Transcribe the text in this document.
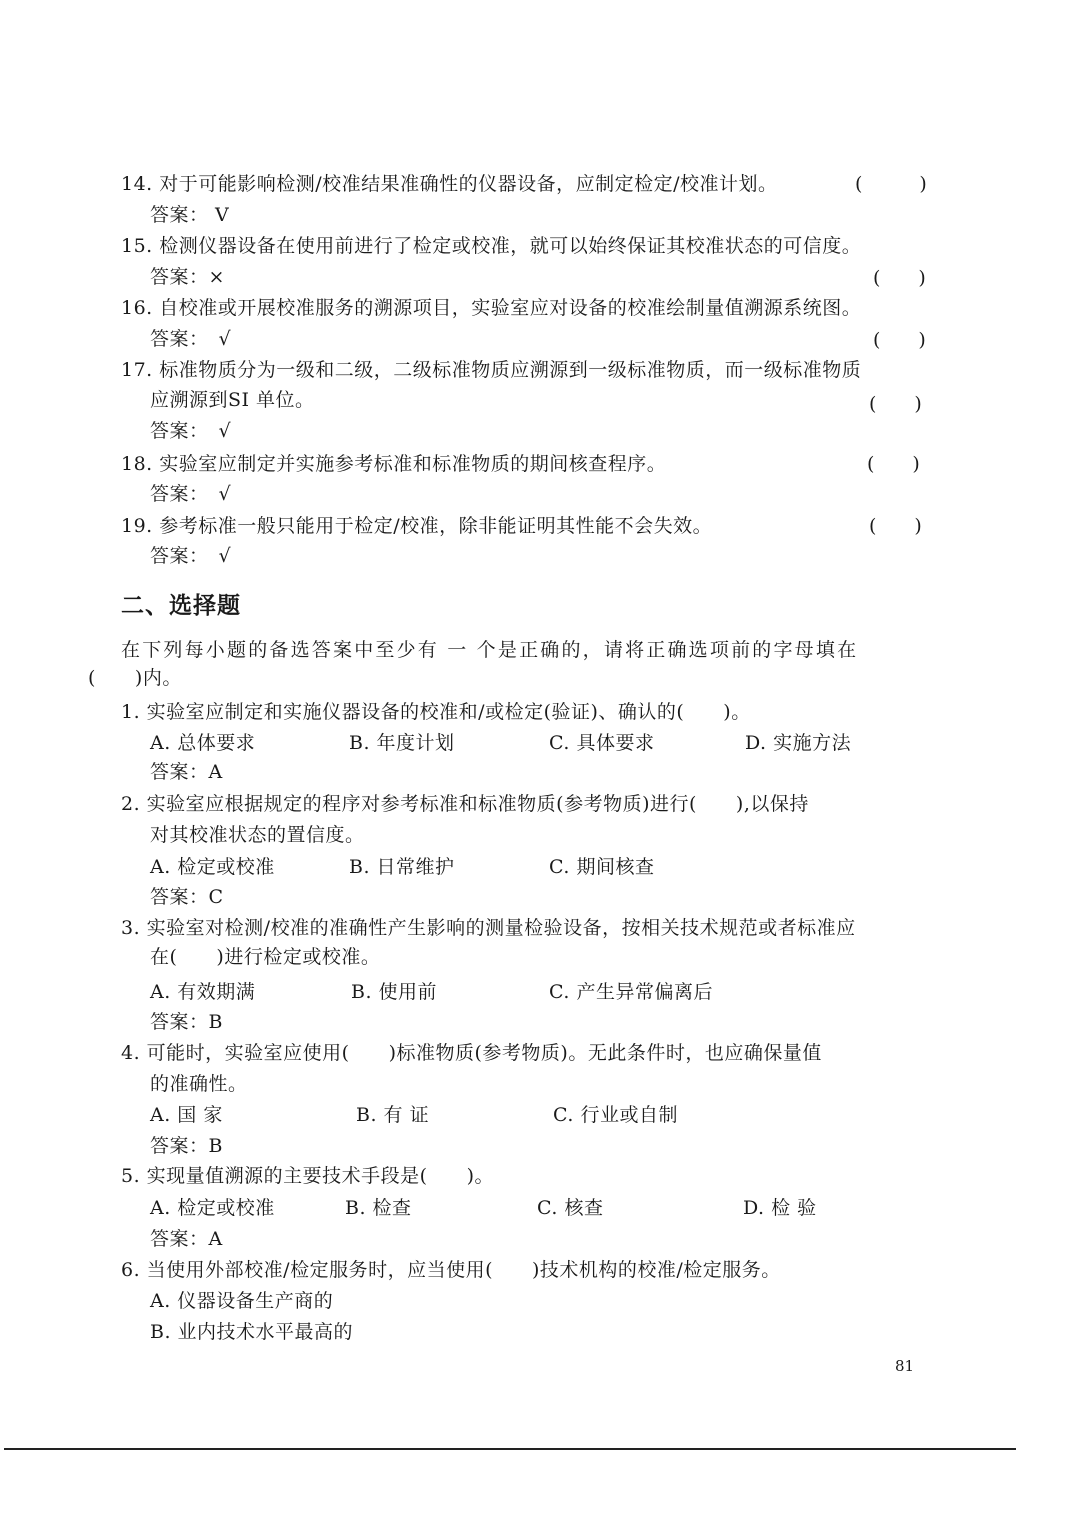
14. 对于可能影响检测/校准结果准确性的仪器设备，应制定检定/校准计划。	(　　　)
答案： V
15. 检测仪器设备在使用前进行了检定或校准，就可以始终保证其校准状态的可信度。
(　　)
答案：×
16. 自校准或开展校准服务的溯源项目，实验室应对设备的校准绘制量值溯源系统图。
(　　)
答案：　√
17. 标准物质分为一级和二级，二级标准物质应溯源到一级标准物质，而一级标准物质
应溯源到SI 单位。	(　　)
答案：　√
18. 实验室应制定并实施参考标准和标准物质的期间核查程序。	(　　)
答案：　√
19. 参考标准一般只能用于检定/校准，除非能证明其性能不会失效。	(　　)
答案：　√
二、选择题
在下列每小题的备选答案中至少有 一 个是正确的，请将正确选项前的字母填在
(　　)内。
1. 实验室应制定和实施仪器设备的校准和/或检定(验证)、确认的(　　)。
A. 总体要求	B. 年度计划	C. 具体要求	D. 实施方法
答案：A
2. 实验室应根据规定的程序对参考标准和标准物质(参考物质)进行(　　),以保持
对其校准状态的置信度。
A. 检定或校准	B. 日常维护	C. 期间核查
答案：C
3. 实验室对检测/校准的准确性产生影响的测量检验设备，按相关技术规范或者标准应
在(　　)进行检定或校准。
A. 有效期满	B. 使用前	C. 产生异常偏离后
答案：B
4. 可能时，实验室应使用(　　)标准物质(参考物质)。无此条件时，也应确保量值
的准确性。
A. 国 家	B. 有 证	C. 行业或自制
答案：B
5. 实现量值溯源的主要技术手段是(　　)。
A. 检定或校准	B. 检查	C. 核查	D. 检 验
答案：A
6. 当使用外部校准/检定服务时，应当使用(　　)技术机构的校准/检定服务。
A. 仪器设备生产商的
B. 业内技术水平最高的
81
